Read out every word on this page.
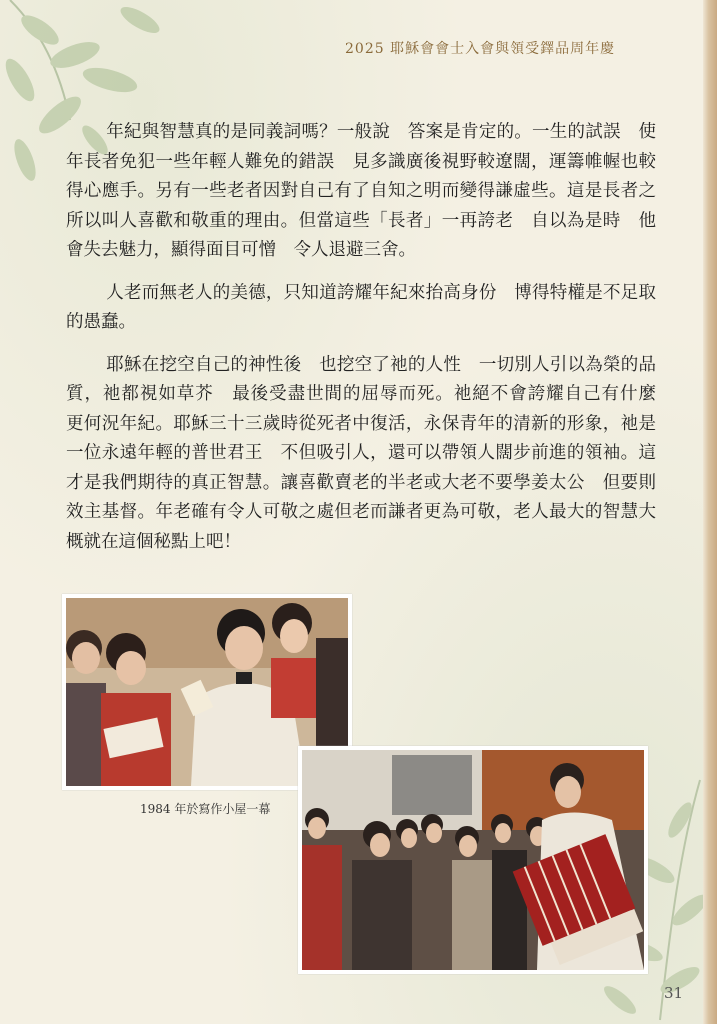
2025 耶穌會會士入會與領受鐸品周年慶

年紀與智慧真的是同義詞嗎？一般說　答案是肯定的。一生的試誤　使年長者免犯一些年輕人難免的錯誤　見多識廣後視野較遼闊，運籌帷幄也較得心應手。另有一些老者因對自己有了自知之明而變得謙虛些。這是長者之所以叫人喜歡和敬重的理由。但當這些「長者」一再誇老　自以為是時　他會失去魅力，顯得面目可憎　令人退避三舍。

人老而無老人的美德，只知道誇耀年紀來抬高身份　博得特權是不足取的愚蠢。

耶穌在挖空自己的神性後　也挖空了祂的人性　一切別人引以為榮的品質，祂都視如草芥　最後受盡世間的屈辱而死。祂絕不會誇耀自己有什麼　更何況年紀。耶穌三十三歲時從死者中復活，永保青年的清新的形象，祂是一位永遠年輕的普世君王　不但吸引人，還可以帶領人闊步前進的領袖。這才是我們期待的真正智慧。讓喜歡賣老的半老或大老不要學姜太公　但要則效主基督。年老確有令人可敬之處但老而謙者更為可敬，老人最大的智慧大概就在這個秘點上吧！

1984 年於寫作小屋一幕
31
